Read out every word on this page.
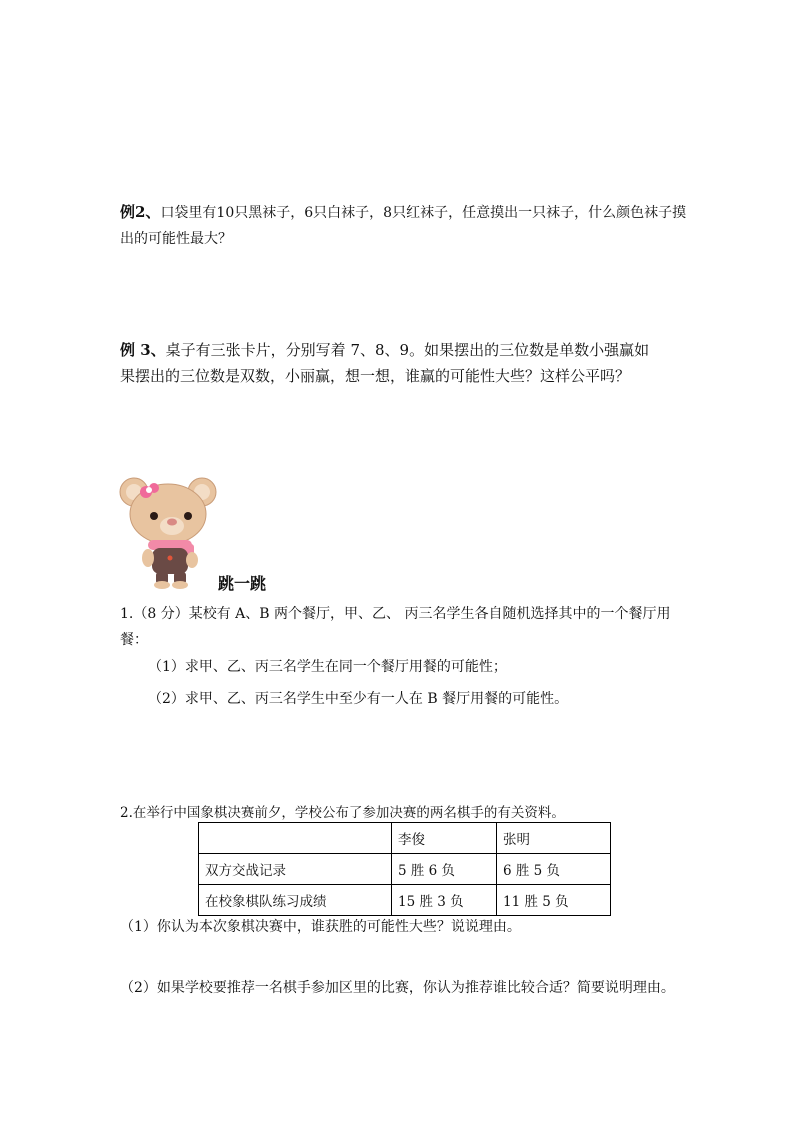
例2、口袋里有10只黑袜子，6只白袜子，8只红袜子，任意摸出一只袜子，什么颜色袜子摸
出的可能性最大？
例 3、桌子有三张卡片，分别写着 7、8、9。如果摆出的三位数是单数小强赢如
果摆出的三位数是双数，小丽赢，想一想，谁赢的可能性大些？这样公平吗？
跳一跳
1.（8 分）某校有 A、B 两个餐厅，甲、乙、 丙三名学生各自随机选择其中的一个餐厅用
餐：
（1）求甲、乙、丙三名学生在同一个餐厅用餐的可能性；
（2）求甲、乙、丙三名学生中至少有一人在 B 餐厅用餐的可能性。
2.在举行中国象棋决赛前夕，学校公布了参加决赛的两名棋手的有关资料。
	李俊	张明
双方交战记录	5 胜 6 负	6 胜 5 负
在校象棋队练习成绩	15 胜 3 负	11 胜 5 负
（1）你认为本次象棋决赛中，谁获胜的可能性大些？说说理由。
（2）如果学校要推荐一名棋手参加区里的比赛，你认为推荐谁比较合适？简要说明理由。
